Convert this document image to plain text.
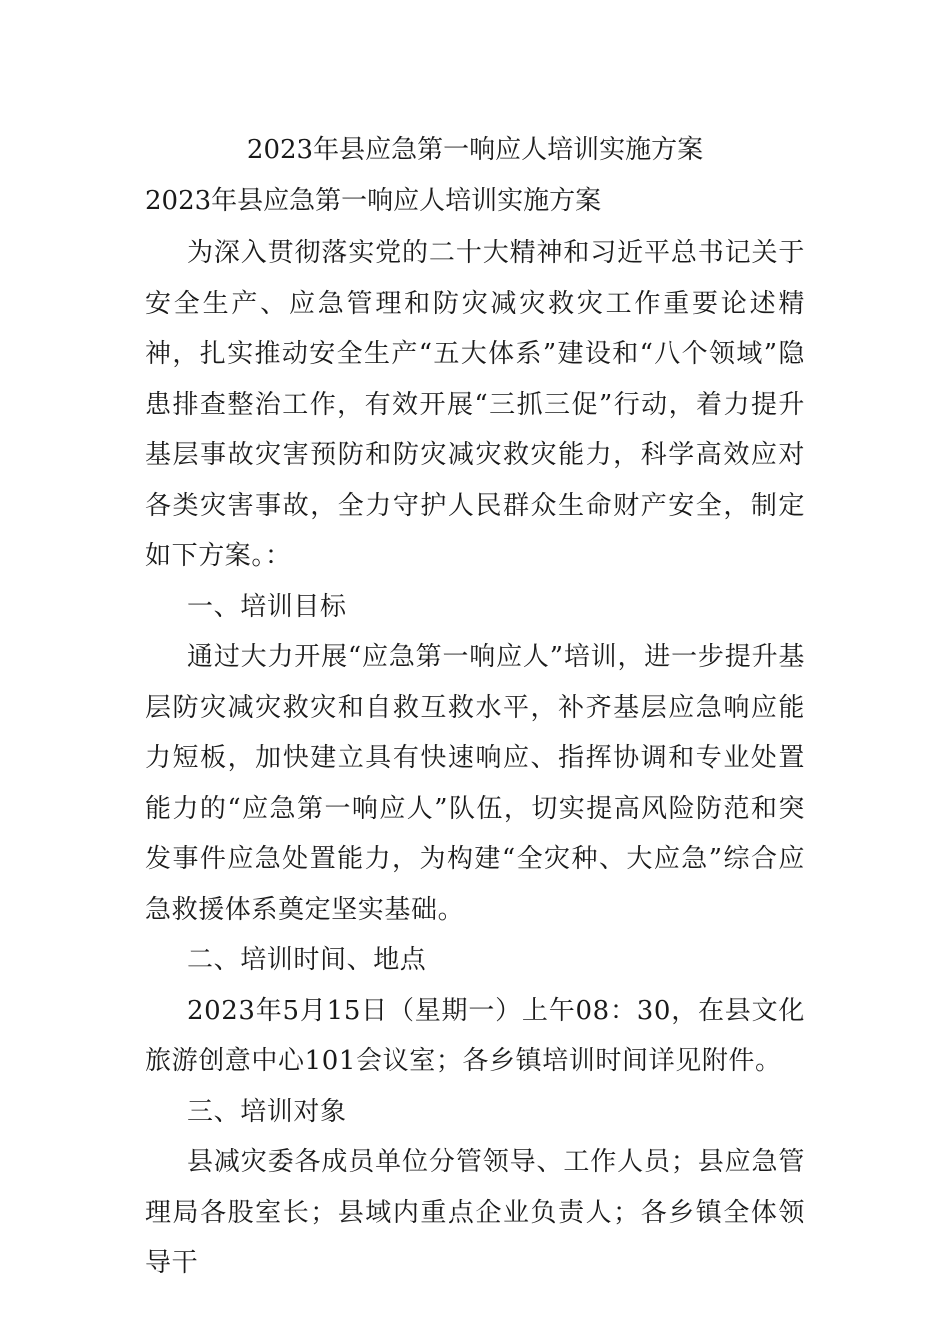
2023年县应急第一响应人培训实施方案
2023年县应急第一响应人培训实施方案

为深入贯彻落实党的二十大精神和习近平总书记关于安全生产、应急管理和防灾减灾救灾工作重要论述精神，扎实推动安全生产“五大体系”建设和“八个领域”隐患排查整治工作，有效开展“三抓三促”行动，着力提升基层事故灾害预防和防灾减灾救灾能力，科学高效应对各类灾害事故，全力守护人民群众生命财产安全，制定如下方案。：

一、培训目标

通过大力开展“应急第一响应人”培训，进一步提升基层防灾减灾救灾和自救互救水平，补齐基层应急响应能力短板，加快建立具有快速响应、指挥协调和专业处置能力的“应急第一响应人”队伍，切实提高风险防范和突发事件应急处置能力，为构建“全灾种、大应急”综合应急救援体系奠定坚实基础。

二、培训时间、地点

2023年5月15日（星期一）上午08：30，在县文化旅游创意中心101会议室；各乡镇培训时间详见附件。

三、培训对象

县减灾委各成员单位分管领导、工作人员；县应急管理局各股室长；县域内重点企业负责人；各乡镇全体领导干
